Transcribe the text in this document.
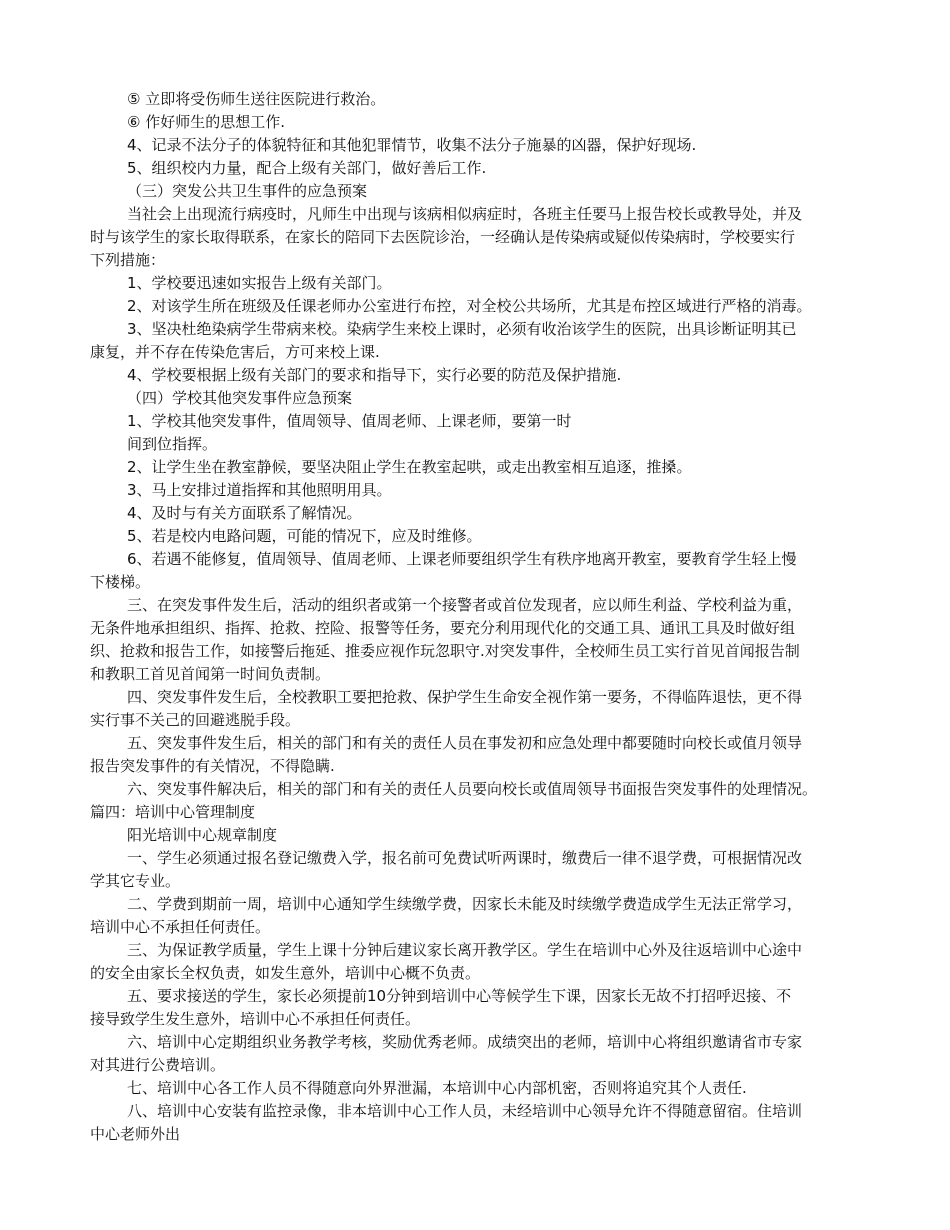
⑤ 立即将受伤师生送往医院进行救治。
⑥ 作好师生的思想工作.
4、记录不法分子的体貌特征和其他犯罪情节，收集不法分子施暴的凶器，保护好现场.
5、组织校内力量，配合上级有关部门，做好善后工作.
（三）突发公共卫生事件的应急预案
当社会上出现流行病疫时，凡师生中出现与该病相似病症时，各班主任要马上报告校长或教导处，并及
时与该学生的家长取得联系，在家长的陪同下去医院诊治，一经确认是传染病或疑似传染病时，学校要实行
下列措施：
1、学校要迅速如实报告上级有关部门。
2、对该学生所在班级及任课老师办公室进行布控，对全校公共场所，尤其是布控区域进行严格的消毒。
3、坚决杜绝染病学生带病来校。染病学生来校上课时，必须有收治该学生的医院，出具诊断证明其已
康复，并不存在传染危害后，方可来校上课.
4、学校要根据上级有关部门的要求和指导下，实行必要的防范及保护措施.
（四）学校其他突发事件应急预案
1、学校其他突发事件，值周领导、值周老师、上课老师，要第一时
间到位指挥。
2、让学生坐在教室静候，要坚决阻止学生在教室起哄，或走出教室相互追逐，推搡。
3、马上安排过道指挥和其他照明用具。
4、及时与有关方面联系了解情况。
5、若是校内电路问题，可能的情况下，应及时维修。
6、若遇不能修复，值周领导、值周老师、上课老师要组织学生有秩序地离开教室，要教育学生轻上慢
下楼梯。
三、在突发事件发生后，活动的组织者或第一个接警者或首位发现者，应以师生利益、学校利益为重，
无条件地承担组织、指挥、抢救、控险、报警等任务，要充分利用现代化的交通工具、通讯工具及时做好组
织、抢救和报告工作，如接警后拖延、推委应视作玩忽职守.对突发事件，全校师生员工实行首见首闻报告制
和教职工首见首闻第一时间负责制。
四、突发事件发生后，全校教职工要把抢救、保护学生生命安全视作第一要务，不得临阵退怯，更不得
实行事不关己的回避逃脱手段。
五、突发事件发生后，相关的部门和有关的责任人员在事发初和应急处理中都要随时向校长或值月领导
报告突发事件的有关情况，不得隐瞒.
六、突发事件解决后，相关的部门和有关的责任人员要向校长或值周领导书面报告突发事件的处理情况。
篇四：培训中心管理制度
阳光培训中心规章制度
一、学生必须通过报名登记缴费入学，报名前可免费试听两课时，缴费后一律不退学费，可根据情况改
学其它专业。
二、学费到期前一周，培训中心通知学生续缴学费，因家长未能及时续缴学费造成学生无法正常学习，
培训中心不承担任何责任。
三、为保证教学质量，学生上课十分钟后建议家长离开教学区。学生在培训中心外及往返培训中心途中
的安全由家长全权负责，如发生意外，培训中心概不负责。
五、要求接送的学生，家长必须提前10分钟到培训中心等候学生下课，因家长无故不打招呼迟接、不
接导致学生发生意外，培训中心不承担任何责任。
六、培训中心定期组织业务教学考核，奖励优秀老师。成绩突出的老师，培训中心将组织邀请省市专家
对其进行公费培训。
七、培训中心各工作人员不得随意向外界泄漏，本培训中心内部机密，否则将追究其个人责任.
八、培训中心安装有监控录像，非本培训中心工作人员，未经培训中心领导允许不得随意留宿。住培训
中心老师外出
